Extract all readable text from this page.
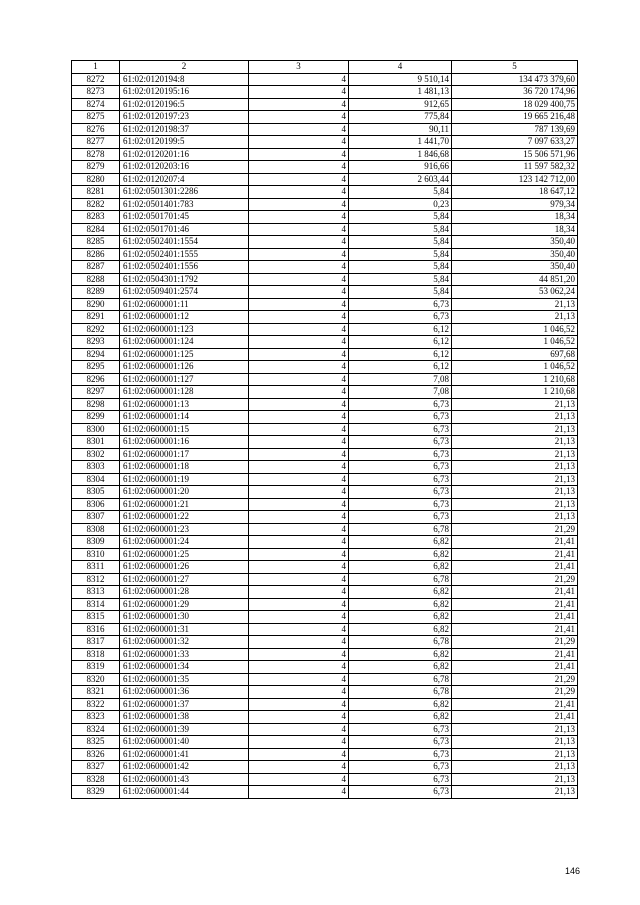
1	2	3	4	5
8272	61:02:0120194:8	4	9 510,14	134 473 379,60
8273	61:02:0120195:16	4	1 481,13	36 720 174,96
8274	61:02:0120196:5	4	912,65	18 029 400,75
8275	61:02:0120197:23	4	775,84	19 665 216,48
8276	61:02:0120198:37	4	90,11	787 139,69
8277	61:02:0120199:5	4	1 441,70	7 097 633,27
8278	61:02:0120201:16	4	1 846,68	15 506 571,96
8279	61:02:0120203:16	4	916,66	11 597 582,32
8280	61:02:0120207:4	4	2 603,44	123 142 712,00
8281	61:02:0501301:2286	4	5,84	18 647,12
8282	61:02:0501401:783	4	0,23	979,34
8283	61:02:0501701:45	4	5,84	18,34
8284	61:02:0501701:46	4	5,84	18,34
8285	61:02:0502401:1554	4	5,84	350,40
8286	61:02:0502401:1555	4	5,84	350,40
8287	61:02:0502401:1556	4	5,84	350,40
8288	61:02:0504301:1792	4	5,84	44 851,20
8289	61:02:0509401:2574	4	5,84	53 062,24
8290	61:02:0600001:11	4	6,73	21,13
8291	61:02:0600001:12	4	6,73	21,13
8292	61:02:0600001:123	4	6,12	1 046,52
8293	61:02:0600001:124	4	6,12	1 046,52
8294	61:02:0600001:125	4	6,12	697,68
8295	61:02:0600001:126	4	6,12	1 046,52
8296	61:02:0600001:127	4	7,08	1 210,68
8297	61:02:0600001:128	4	7,08	1 210,68
8298	61:02:0600001:13	4	6,73	21,13
8299	61:02:0600001:14	4	6,73	21,13
8300	61:02:0600001:15	4	6,73	21,13
8301	61:02:0600001:16	4	6,73	21,13
8302	61:02:0600001:17	4	6,73	21,13
8303	61:02:0600001:18	4	6,73	21,13
8304	61:02:0600001:19	4	6,73	21,13
8305	61:02:0600001:20	4	6,73	21,13
8306	61:02:0600001:21	4	6,73	21,13
8307	61:02:0600001:22	4	6,73	21,13
8308	61:02:0600001:23	4	6,78	21,29
8309	61:02:0600001:24	4	6,82	21,41
8310	61:02:0600001:25	4	6,82	21,41
8311	61:02:0600001:26	4	6,82	21,41
8312	61:02:0600001:27	4	6,78	21,29
8313	61:02:0600001:28	4	6,82	21,41
8314	61:02:0600001:29	4	6,82	21,41
8315	61:02:0600001:30	4	6,82	21,41
8316	61:02:0600001:31	4	6,82	21,41
8317	61:02:0600001:32	4	6,78	21,29
8318	61:02:0600001:33	4	6,82	21,41
8319	61:02:0600001:34	4	6,82	21,41
8320	61:02:0600001:35	4	6,78	21,29
8321	61:02:0600001:36	4	6,78	21,29
8322	61:02:0600001:37	4	6,82	21,41
8323	61:02:0600001:38	4	6,82	21,41
8324	61:02:0600001:39	4	6,73	21,13
8325	61:02:0600001:40	4	6,73	21,13
8326	61:02:0600001:41	4	6,73	21,13
8327	61:02:0600001:42	4	6,73	21,13
8328	61:02:0600001:43	4	6,73	21,13
8329	61:02:0600001:44	4	6,73	21,13
146
